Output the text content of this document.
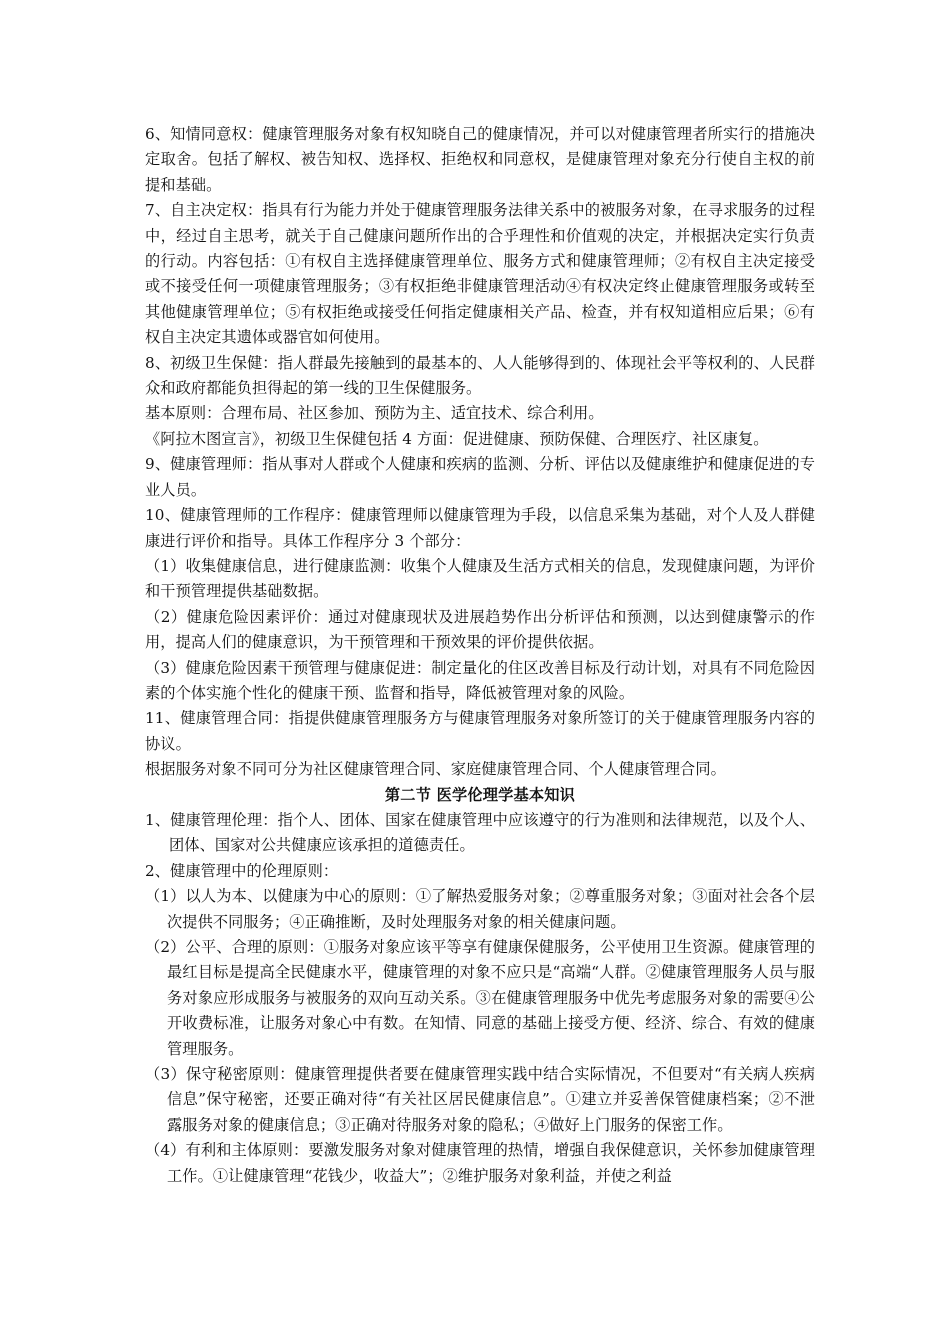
6、知情同意权：健康管理服务对象有权知晓自己的健康情况，并可以对健康管理者所实行的措施决定取舍。包括了解权、被告知权、选择权、拒绝权和同意权，是健康管理对象充分行使自主权的前提和基础。

7、自主决定权：指具有行为能力并处于健康管理服务法律关系中的被服务对象，在寻求服务的过程中，经过自主思考，就关于自己健康问题所作出的合乎理性和价值观的决定，并根据决定实行负责的行动。内容包括：①有权自主选择健康管理单位、服务方式和健康管理师；②有权自主决定接受或不接受任何一项健康管理服务；③有权拒绝非健康管理活动④有权决定终止健康管理服务或转至其他健康管理单位；⑤有权拒绝或接受任何指定健康相关产品、检查，并有权知道相应后果；⑥有权自主决定其遗体或器官如何使用。

8、初级卫生保健：指人群最先接触到的最基本的、人人能够得到的、体现社会平等权利的、人民群众和政府都能负担得起的第一线的卫生保健服务。

基本原则：合理布局、社区参加、预防为主、适宜技术、综合利用。

《阿拉木图宣言》，初级卫生保健包括 4 方面：促进健康、预防保健、合理医疗、社区康复。

9、健康管理师：指从事对人群或个人健康和疾病的监测、分析、评估以及健康维护和健康促进的专业人员。

10、健康管理师的工作程序：健康管理师以健康管理为手段，以信息采集为基础，对个人及人群健康进行评价和指导。具体工作程序分 3 个部分：

（1）收集健康信息，进行健康监测：收集个人健康及生活方式相关的信息，发现健康问题，为评价和干预管理提供基础数据。

（2）健康危险因素评价：通过对健康现状及进展趋势作出分析评估和预测，以达到健康警示的作用，提高人们的健康意识，为干预管理和干预效果的评价提供依据。

（3）健康危险因素干预管理与健康促进：制定量化的住区改善目标及行动计划，对具有不同危险因素的个体实施个性化的健康干预、监督和指导，降低被管理对象的风险。

11、健康管理合同：指提供健康管理服务方与健康管理服务对象所签订的关于健康管理服务内容的协议。

根据服务对象不同可分为社区健康管理合同、家庭健康管理合同、个人健康管理合同。

第二节 医学伦理学基本知识

1、健康管理伦理：指个人、团体、国家在健康管理中应该遵守的行为准则和法律规范，以及个人、团体、国家对公共健康应该承担的道德责任。

2、健康管理中的伦理原则：

（1）以人为本、以健康为中心的原则：①了解热爱服务对象；②尊重服务对象；③面对社会各个层次提供不同服务；④正确推断，及时处理服务对象的相关健康问题。

（2）公平、合理的原则：①服务对象应该平等享有健康保健服务，公平使用卫生资源。健康管理的最红目标是提高全民健康水平，健康管理的对象不应只是“高端“人群。②健康管理服务人员与服务对象应形成服务与被服务的双向互动关系。③在健康管理服务中优先考虑服务对象的需要④公开收费标准，让服务对象心中有数。在知情、同意的基础上接受方便、经济、综合、有效的健康管理服务。

（3）保守秘密原则：健康管理提供者要在健康管理实践中结合实际情况，不但要对“有关病人疾病信息”保守秘密，还要正确对待“有关社区居民健康信息”。①建立并妥善保管健康档案；②不泄露服务对象的健康信息；③正确对待服务对象的隐私；④做好上门服务的保密工作。

（4）有利和主体原则：要激发服务对象对健康管理的热情，增强自我保健意识，关怀参加健康管理工作。①让健康管理“花钱少，收益大”；②维护服务对象利益，并使之利益
